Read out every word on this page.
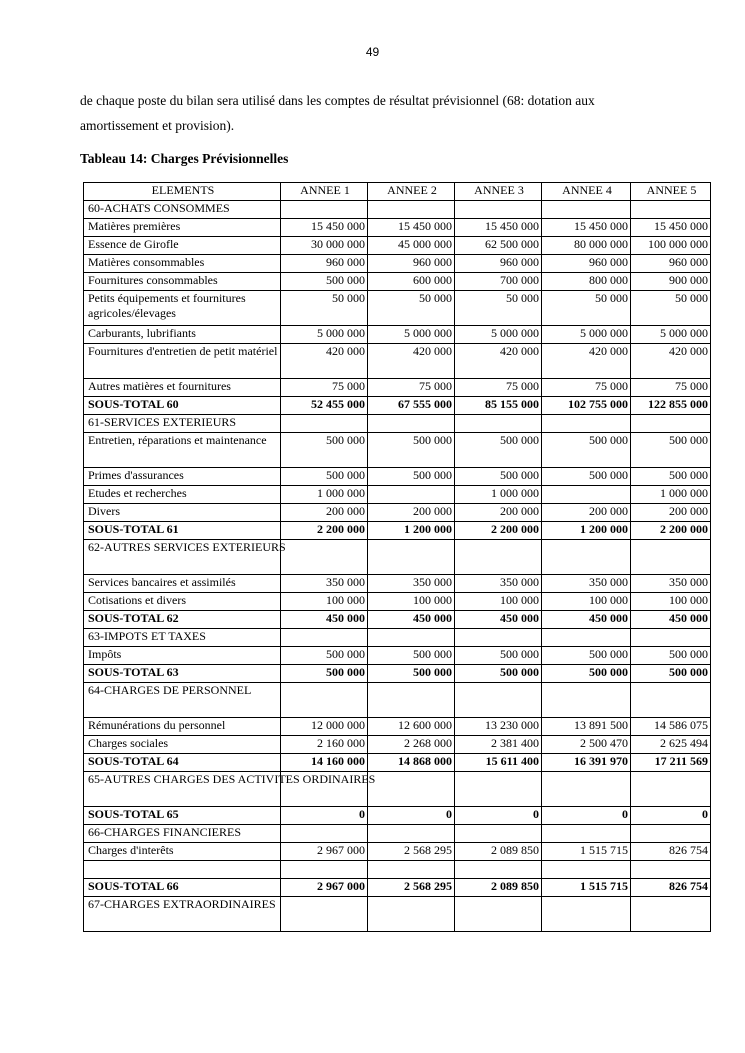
49

de chaque poste du bilan sera utilisé dans les comptes de résultat prévisionnel (68: dotation aux amortissement et provision).

Tableau 14: Charges Prévisionnelles

ELEMENTS	ANNEE 1	ANNEE 2	ANNEE 3	ANNEE 4	ANNEE 5
60-ACHATS CONSOMMES					
Matières premières	15 450 000	15 450 000	15 450 000	15 450 000	15 450 000
Essence de Girofle	30 000 000	45 000 000	62 500 000	80 000 000	100 000 000
Matières consommables	960 000	960 000	960 000	960 000	960 000
Fournitures consommables	500 000	600 000	700 000	800 000	900 000
Petits équipements et fournitures agricoles/élevages	50 000	50 000	50 000	50 000	50 000
Carburants, lubrifiants	5 000 000	5 000 000	5 000 000	5 000 000	5 000 000
Fournitures d'entretien de petit matériel	420 000	420 000	420 000	420 000	420 000
Autres matières et fournitures	75 000	75 000	75 000	75 000	75 000
SOUS-TOTAL 60	52 455 000	67 555 000	85 155 000	102 755 000	122 855 000
61-SERVICES EXTERIEURS					
Entretien, réparations et maintenance	500 000	500 000	500 000	500 000	500 000
Primes d'assurances	500 000	500 000	500 000	500 000	500 000
Etudes et recherches	1 000 000		1 000 000		1 000 000
Divers	200 000	200 000	200 000	200 000	200 000
SOUS-TOTAL 61	2 200 000	1 200 000	2 200 000	1 200 000	2 200 000
62-AUTRES SERVICES EXTERIEURS					
Services bancaires et assimilés	350 000	350 000	350 000	350 000	350 000
Cotisations et divers	100 000	100 000	100 000	100 000	100 000
SOUS-TOTAL 62	450 000	450 000	450 000	450 000	450 000
63-IMPOTS ET TAXES					
Impôts	500 000	500 000	500 000	500 000	500 000
SOUS-TOTAL 63	500 000	500 000	500 000	500 000	500 000
64-CHARGES DE PERSONNEL					
Rémunérations du personnel	12 000 000	12 600 000	13 230 000	13 891 500	14 586 075
Charges sociales	2 160 000	2 268 000	2 381 400	2 500 470	2 625 494
SOUS-TOTAL 64	14 160 000	14 868 000	15 611 400	16 391 970	17 211 569
65-AUTRES CHARGES DES ACTIVITES ORDINAIRES					
SOUS-TOTAL 65	0	0	0	0	0
66-CHARGES FINANCIERES					
Charges d'interêts	2 967 000	2 568 295	2 089 850	1 515 715	826 754

SOUS-TOTAL 66	2 967 000	2 568 295	2 089 850	1 515 715	826 754
67-CHARGES EXTRAORDINAIRES					
